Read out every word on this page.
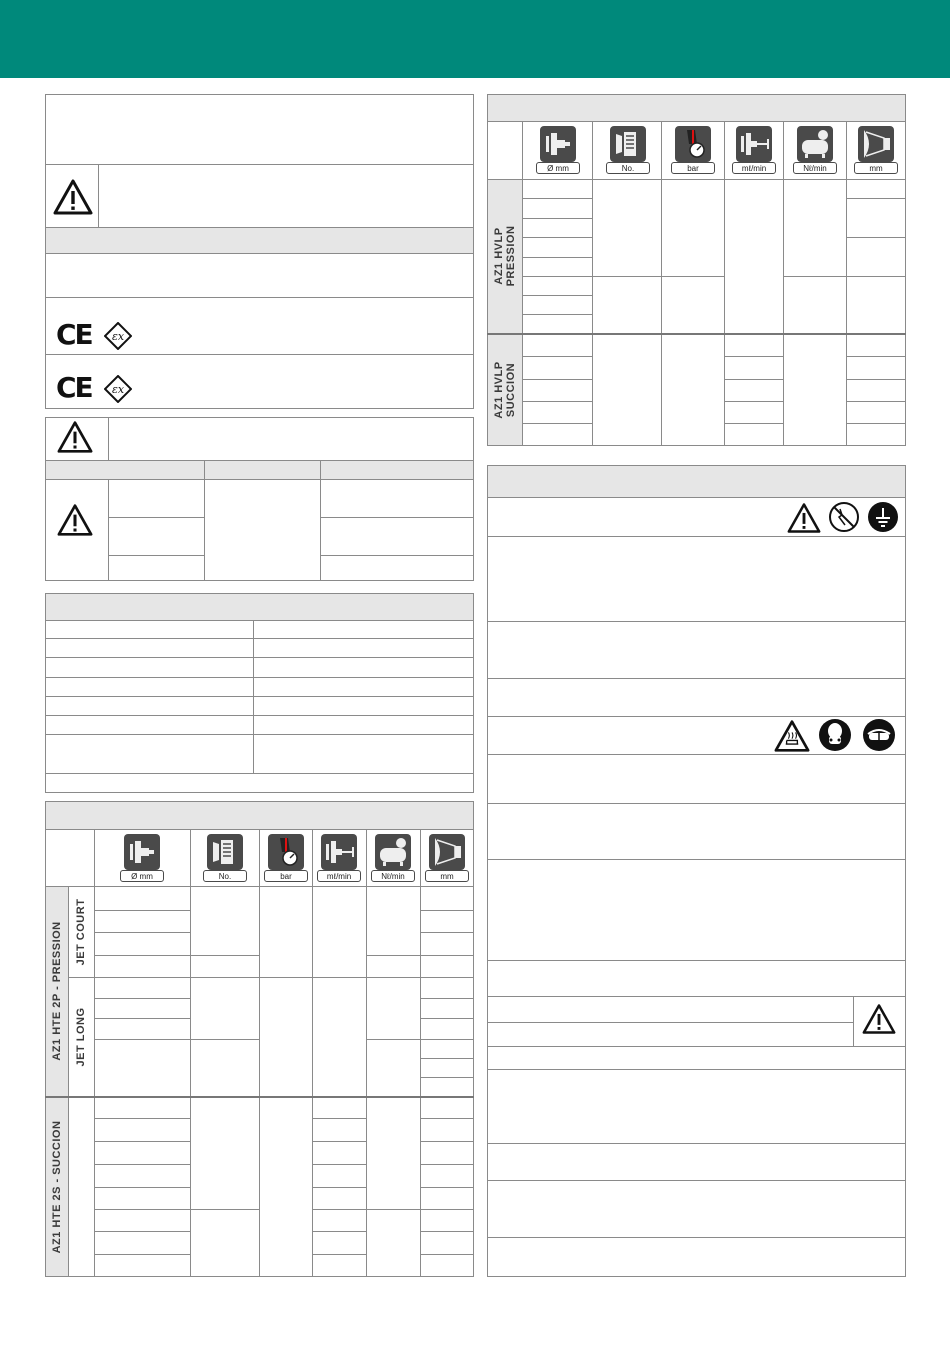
CE εx
CE εx
Ø mm	No.	bar	mℓ/min	Nℓ/min	mm
AZ1 HTE 2P - PRESSION
AZ1 HTE 2S - SUCCION
JET COURT
JET LONG
Ø mm	No.	bar	mℓ/min	Nℓ/min	mm
AZ1 HVLP
PRESSION
AZ1 HVLP
SUCCION
